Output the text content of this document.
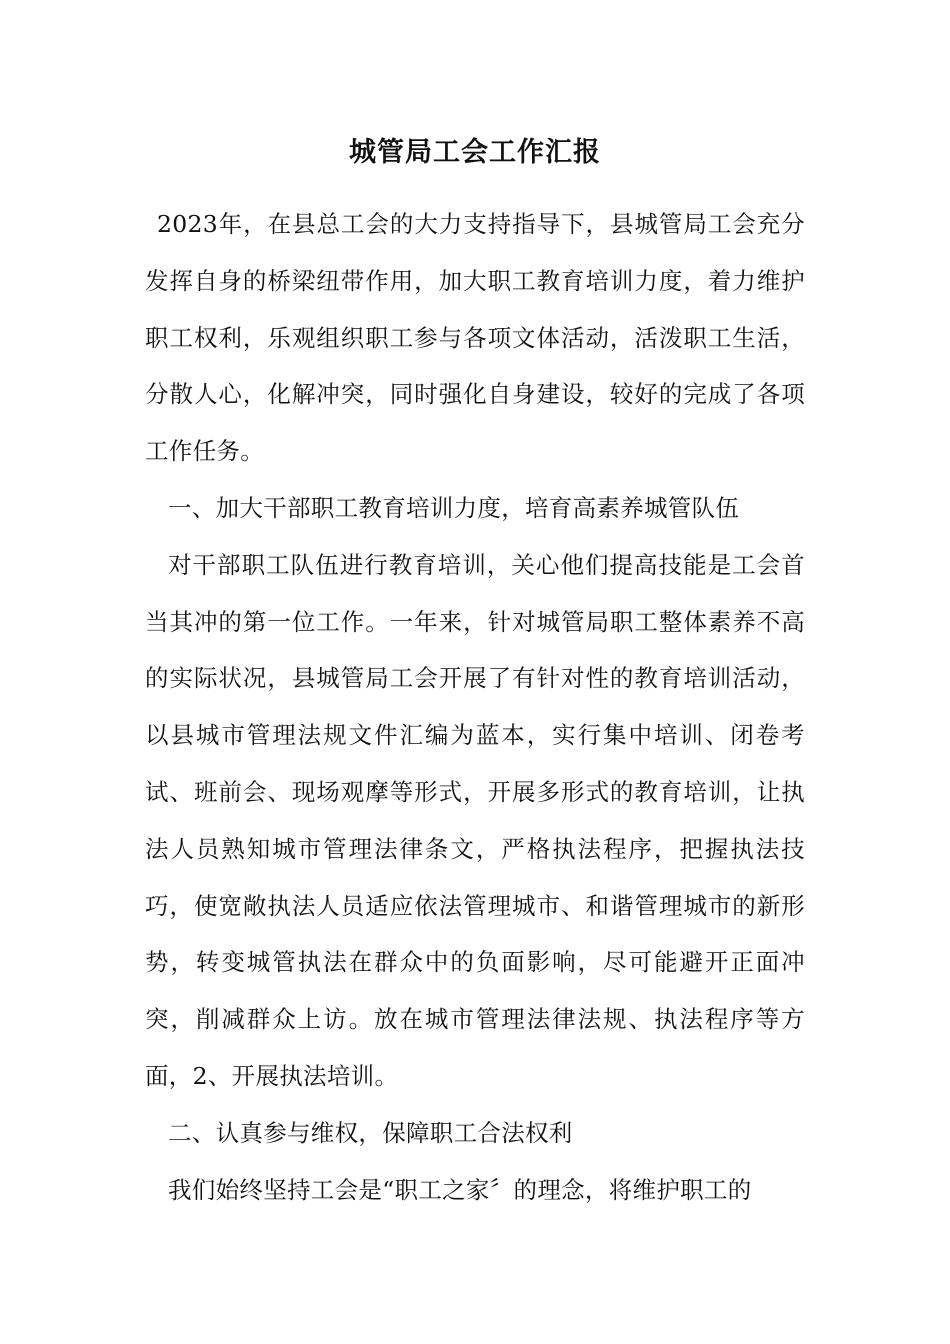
城管局工会工作汇报

2023年，在县总工会的大力支持指导下，县城管局工会充分发挥自身的桥梁纽带作用，加大职工教育培训力度，着力维护职工权利，乐观组织职工参与各项文体活动，活泼职工生活，分散人心，化解冲突，同时强化自身建设，较好的完成了各项工作任务。

一、加大干部职工教育培训力度，培育高素养城管队伍

对干部职工队伍进行教育培训，关心他们提高技能是工会首当其冲的第一位工作。一年来，针对城管局职工整体素养不高的实际状况，县城管局工会开展了有针对性的教育培训活动，以县城市管理法规文件汇编为蓝本，实行集中培训、闭卷考试、班前会、现场观摩等形式，开展多形式的教育培训，让执法人员熟知城市管理法律条文，严格执法程序，把握执法技巧，使宽敞执法人员适应依法管理城市、和谐管理城市的新形势，转变城管执法在群众中的负面影响，尽可能避开正面冲突，削减群众上访。放在城市管理法律法规、执法程序等方面，2、开展执法培训。

二、认真参与维权，保障职工合法权利

我们始终坚持工会是“职工之家〞的理念，将维护职工的
